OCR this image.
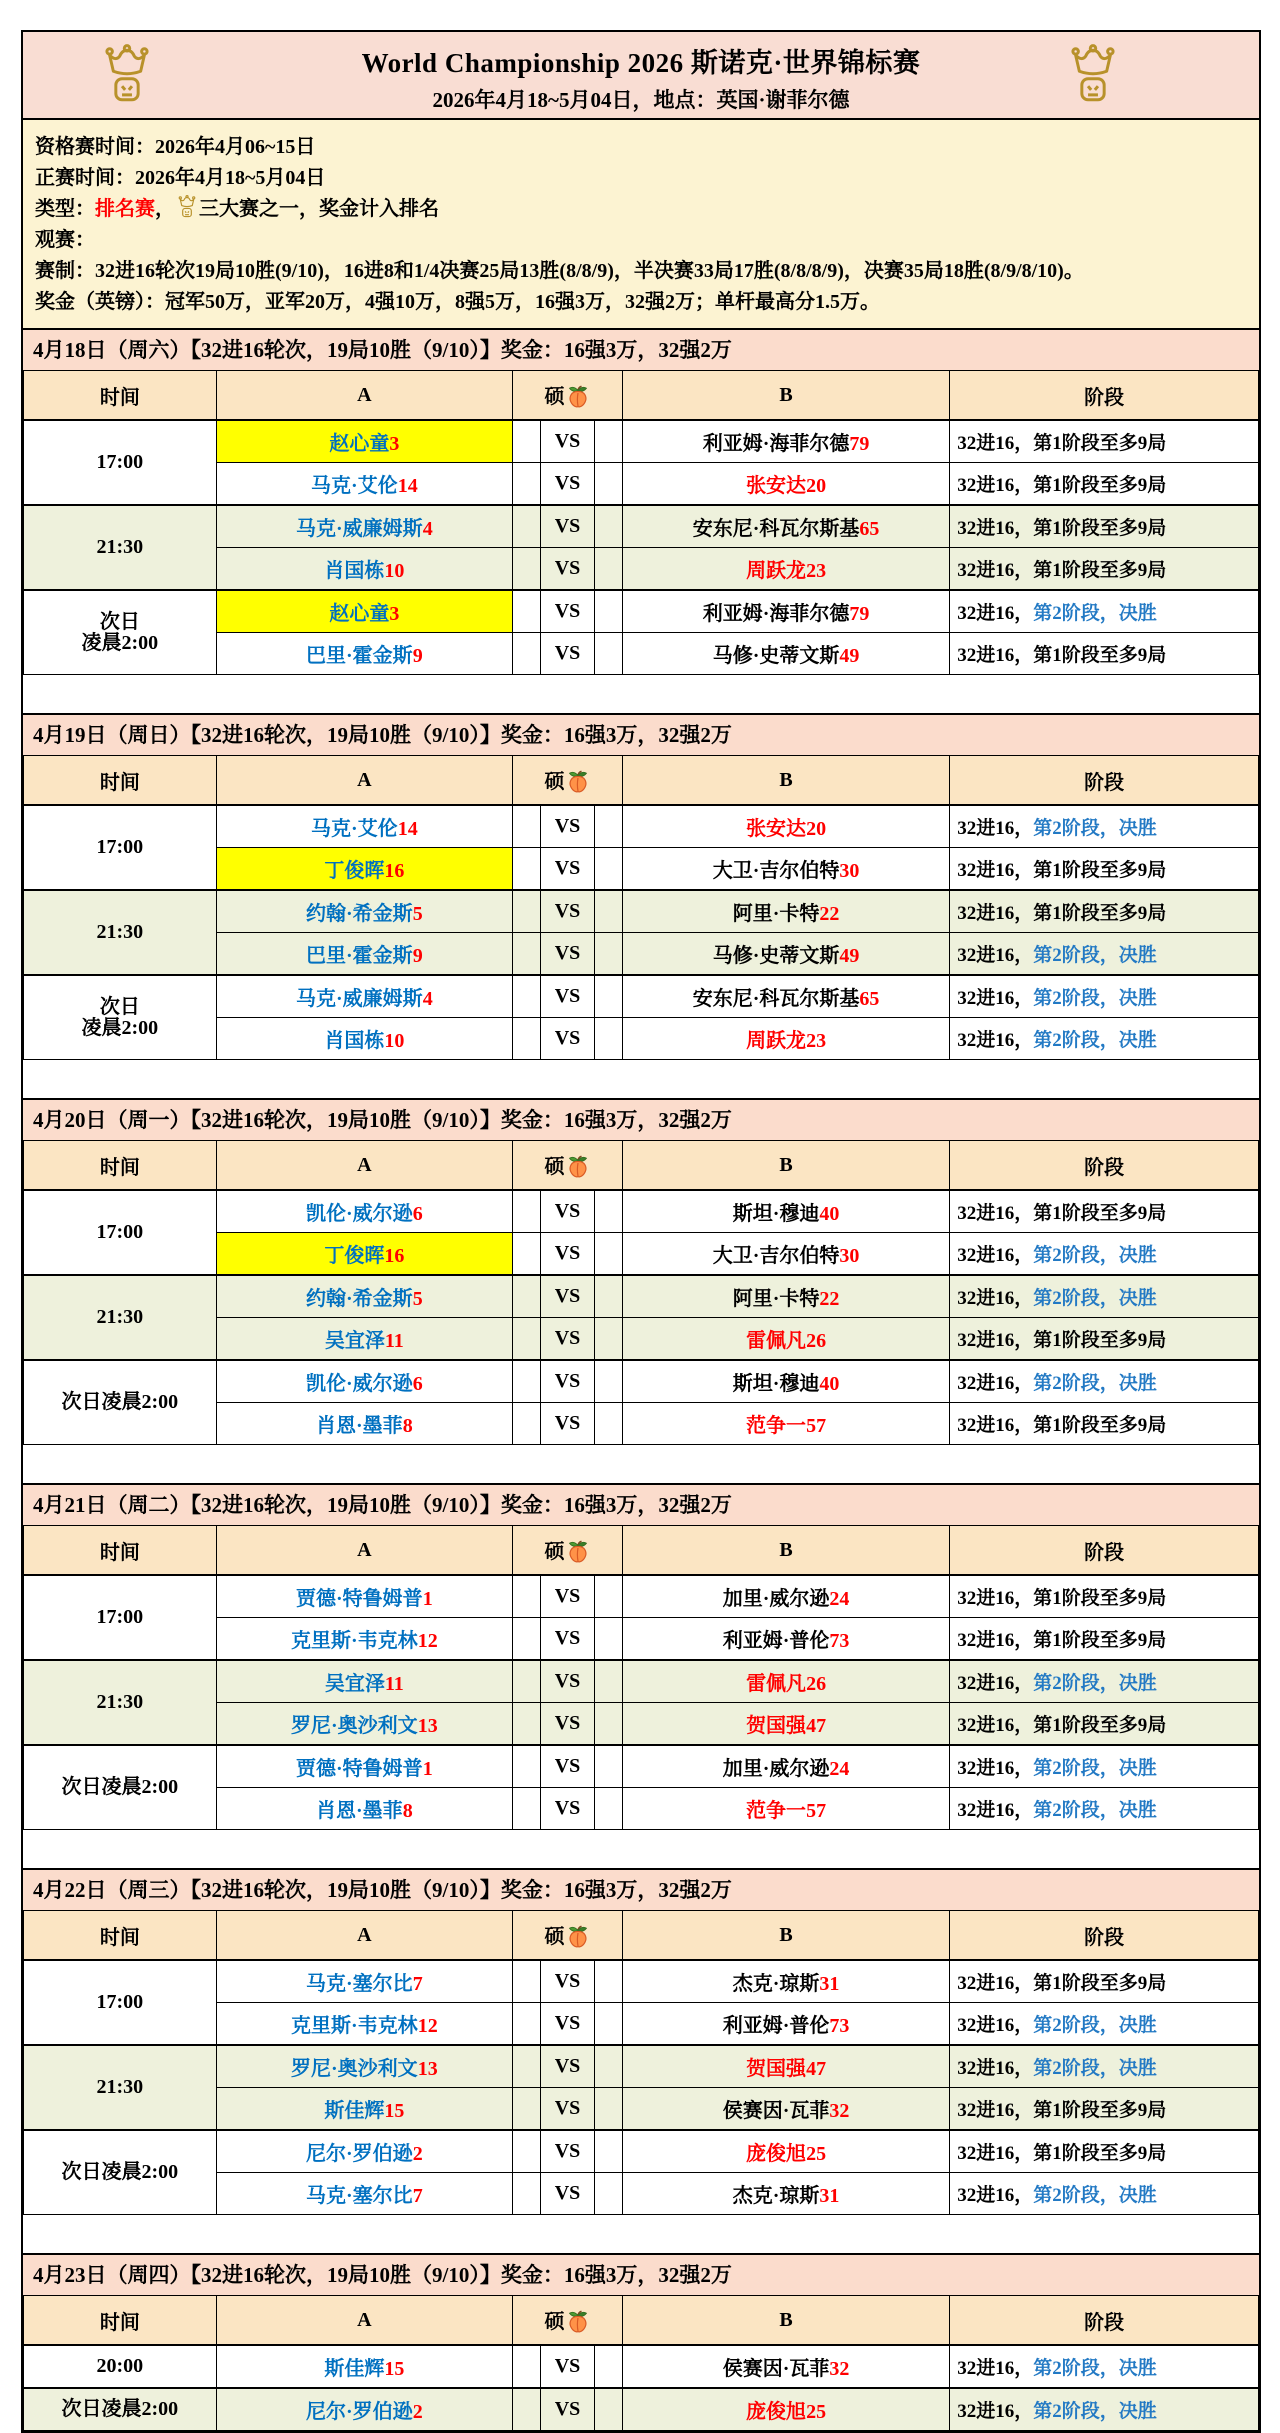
World Championship 2026 斯诺克·世界锦标赛
2026年4月18~5月04日，地点：英国·谢菲尔德
资格赛时间：2026年4月06~15日
正赛时间：2026年4月18~5月04日
类型：排名赛， 三大赛之一，奖金计入排名
观赛：
赛制：32进16轮次19局10胜(9/10)，16进8和1/4决赛25局13胜(8/8/9)，半决赛33局17胜(8/8/8/9)，决赛35局18胜(8/9/8/10)。
奖金（英镑）：冠军50万，亚军20万，4强10万，8强5万，16强3万，32强2万；单杆最高分1.5万。
4月18日（周六）【32进16轮次，19局10胜（9/10）】奖金：16强3万，32强2万
时间	A	硕			B	阶段

17:00	赵心童3		VS		利亚姆·海菲尔德79	32进16，第1阶段至多9局
	马克·艾伦14		VS		张安达20	32进16，第1阶段至多9局

21:30	马克·威廉姆斯4		VS		安东尼·科瓦尔斯基65	32进16，第1阶段至多9局
	肖国栋10		VS		周跃龙23	32进16，第1阶段至多9局

次日
凌晨2:00	赵心童3		VS		利亚姆·海菲尔德79	32进16，第2阶段，决胜
	巴里·霍金斯9		VS		马修·史蒂文斯49	32进16，第1阶段至多9局
4月19日（周日）【32进16轮次，19局10胜（9/10）】奖金：16强3万，32强2万
时间	A	硕			B	阶段

17:00	马克·艾伦14		VS		张安达20	32进16，第2阶段，决胜
	丁俊晖16		VS		大卫·吉尔伯特30	32进16，第1阶段至多9局

21:30	约翰·希金斯5		VS		阿里·卡特22	32进16，第1阶段至多9局
	巴里·霍金斯9		VS		马修·史蒂文斯49	32进16，第2阶段，决胜

次日
凌晨2:00	马克·威廉姆斯4		VS		安东尼·科瓦尔斯基65	32进16，第2阶段，决胜
	肖国栋10		VS		周跃龙23	32进16，第2阶段，决胜
4月20日（周一）【32进16轮次，19局10胜（9/10）】奖金：16强3万，32强2万
时间	A	硕			B	阶段

17:00	凯伦·威尔逊6		VS		斯坦·穆迪40	32进16，第1阶段至多9局
	丁俊晖16		VS		大卫·吉尔伯特30	32进16，第2阶段，决胜

21:30	约翰·希金斯5		VS		阿里·卡特22	32进16，第2阶段，决胜
	吴宜泽11		VS		雷佩凡26	32进16，第1阶段至多9局

次日凌晨2:00	凯伦·威尔逊6		VS		斯坦·穆迪40	32进16，第2阶段，决胜
	肖恩·墨菲8		VS		范争一57	32进16，第1阶段至多9局
4月21日（周二）【32进16轮次，19局10胜（9/10）】奖金：16强3万，32强2万
时间	A	硕			B	阶段

17:00	贾德·特鲁姆普1		VS		加里·威尔逊24	32进16，第1阶段至多9局
	克里斯·韦克林12		VS		利亚姆·普伦73	32进16，第1阶段至多9局

21:30	吴宜泽11		VS		雷佩凡26	32进16，第2阶段，决胜
	罗尼·奥沙利文13		VS		贺国强47	32进16，第1阶段至多9局

次日凌晨2:00	贾德·特鲁姆普1		VS		加里·威尔逊24	32进16，第2阶段，决胜
	肖恩·墨菲8		VS		范争一57	32进16，第2阶段，决胜
4月22日（周三）【32进16轮次，19局10胜（9/10）】奖金：16强3万，32强2万
时间	A	硕			B	阶段

17:00	马克·塞尔比7		VS		杰克·琼斯31	32进16，第1阶段至多9局
	克里斯·韦克林12		VS		利亚姆·普伦73	32进16，第2阶段，决胜

21:30	罗尼·奥沙利文13		VS		贺国强47	32进16，第2阶段，决胜
	斯佳辉15		VS		侯赛因·瓦菲32	32进16，第1阶段至多9局

次日凌晨2:00	尼尔·罗伯逊2		VS		庞俊旭25	32进16，第1阶段至多9局
	马克·塞尔比7		VS		杰克·琼斯31	32进16，第2阶段，决胜
4月23日（周四）【32进16轮次，19局10胜（9/10）】奖金：16强3万，32强2万
时间	A	硕			B	阶段

20:00	斯佳辉15		VS		侯赛因·瓦菲32	32进16，第2阶段，决胜

次日凌晨2:00	尼尔·罗伯逊2		VS		庞俊旭25	32进16，第2阶段，决胜
